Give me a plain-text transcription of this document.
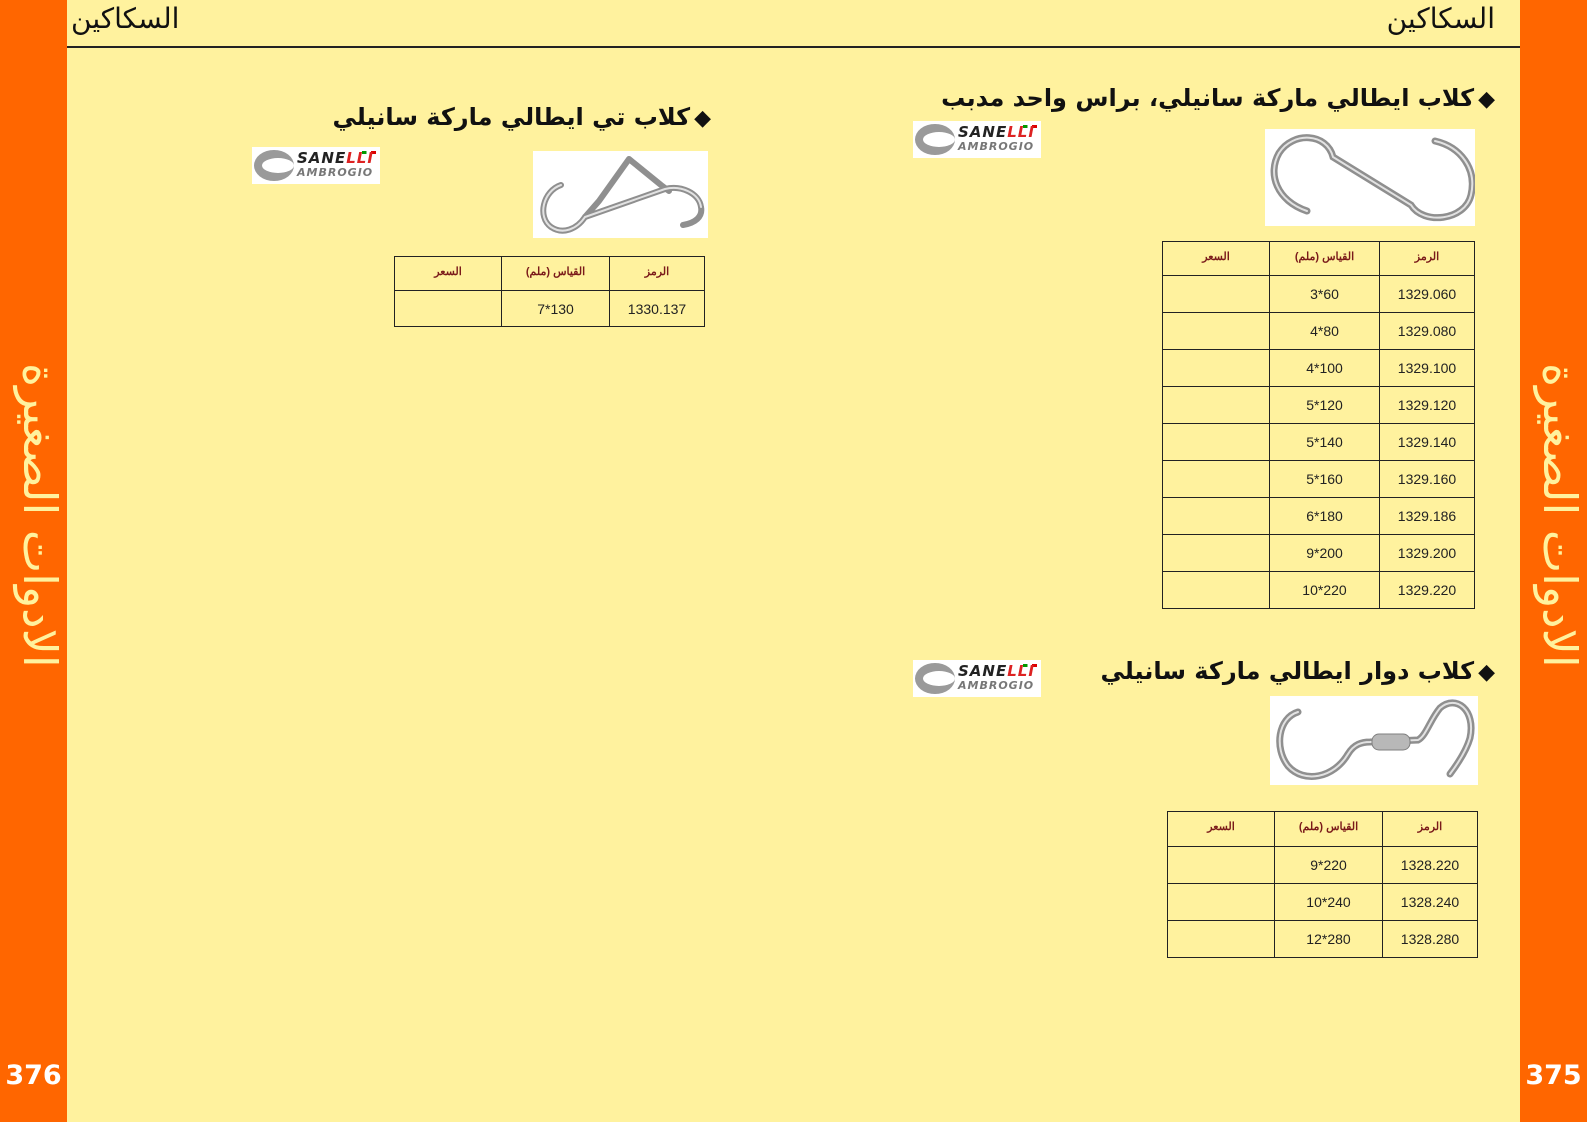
الادوات الصغيرة
376
الادوات الصغيرة
375
السكاكين	السكاكين
◆كلاب ايطالي ماركة سانيلي، براس واحد مدبب
SANELLI
AMBROGIO
الرمز	القياس (ملم)	السعر
1329.060	60*3	
1329.080	80*4	
1329.100	100*4	
1329.120	120*5	
1329.140	140*5	
1329.160	160*5	
1329.186	180*6	
1329.200	200*9	
1329.220	220*10	
◆كلاب دوار ايطالي ماركة سانيلي
SANELLI
AMBROGIO
الرمز	القياس (ملم)	السعر
1328.220	220*9	
1328.240	240*10	
1328.280	280*12	
◆كلاب تي ايطالي ماركة سانيلي
SANELLI
AMBROGIO
الرمز	القياس (ملم)	السعر
1330.137	130*7	
